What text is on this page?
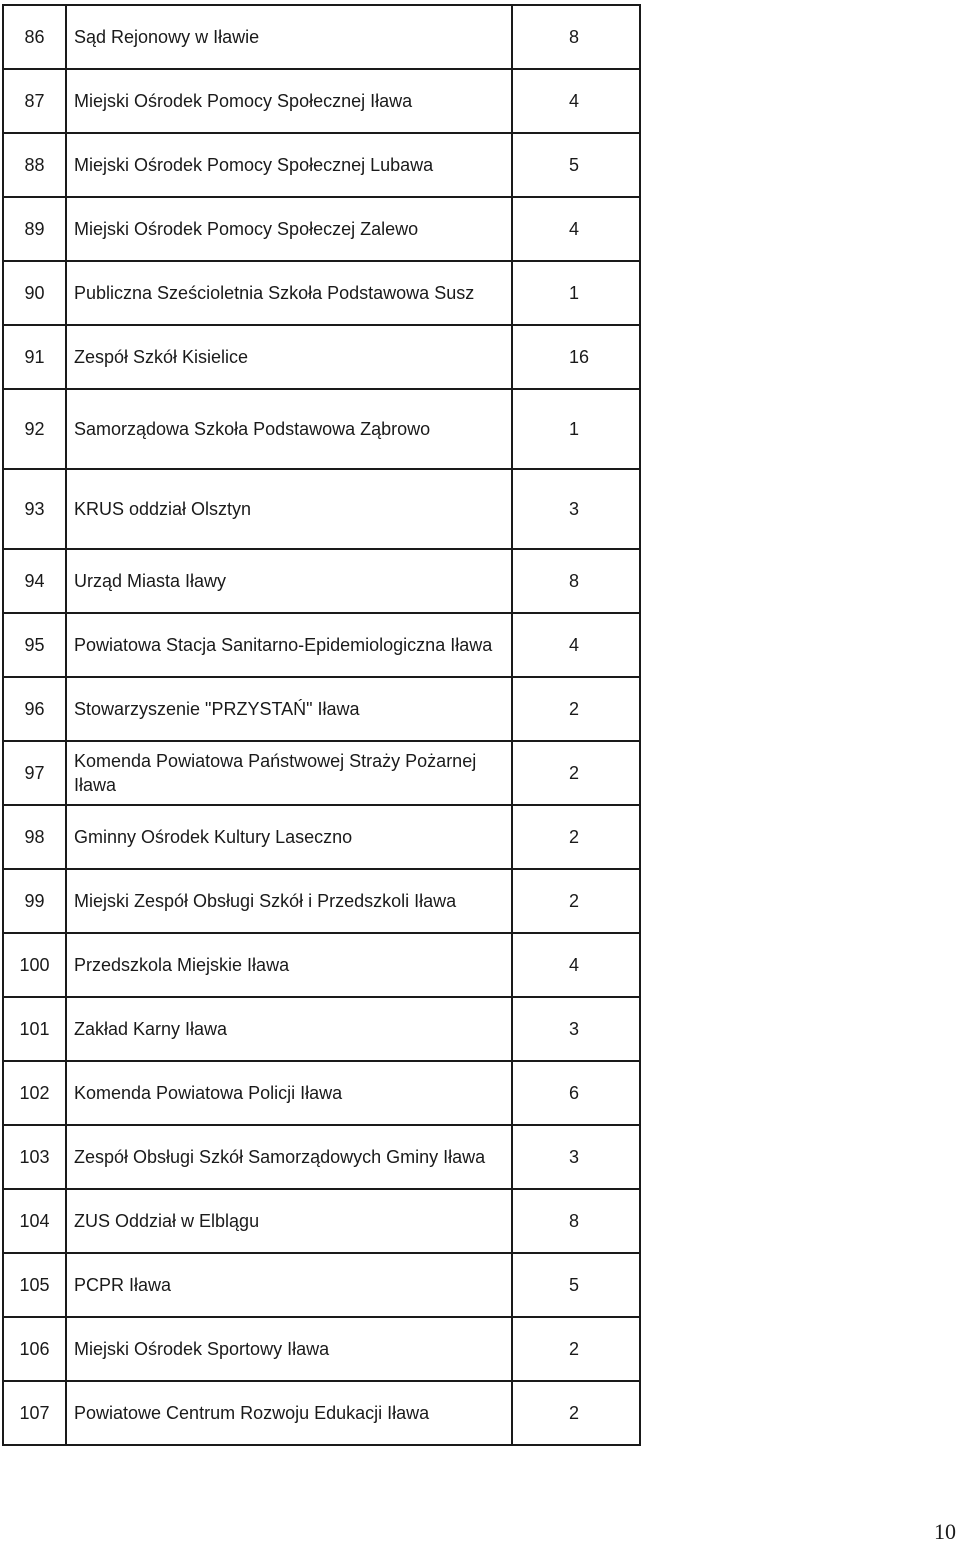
86	Sąd Rejonowy w Iławie	8
87	Miejski Ośrodek Pomocy Społecznej Iława	4
88	Miejski Ośrodek Pomocy Społecznej Lubawa	5
89	Miejski Ośrodek Pomocy Społeczej Zalewo	4
90	Publiczna Sześcioletnia Szkoła Podstawowa Susz	1
91	Zespół Szkół Kisielice	16
92	Samorządowa Szkoła Podstawowa Ząbrowo	1
93	KRUS oddział Olsztyn	3
94	Urząd Miasta Iławy	8
95	Powiatowa Stacja Sanitarno-Epidemiologiczna Iława	4
96	Stowarzyszenie "PRZYSTAŃ" Iława	2
97	Komenda Powiatowa Państwowej Straży Pożarnej Iława	2
98	Gminny Ośrodek Kultury Laseczno	2
99	Miejski Zespół Obsługi Szkół i Przedszkoli Iława	2
100	Przedszkola Miejskie Iława	4
101	Zakład Karny Iława	3
102	Komenda Powiatowa Policji Iława	6
103	Zespół Obsługi Szkół Samorządowych Gminy Iława	3
104	ZUS Oddział w Elblągu	8
105	PCPR Iława	5
106	Miejski Ośrodek Sportowy Iława	2
107	Powiatowe Centrum Rozwoju Edukacji Iława	2
10
